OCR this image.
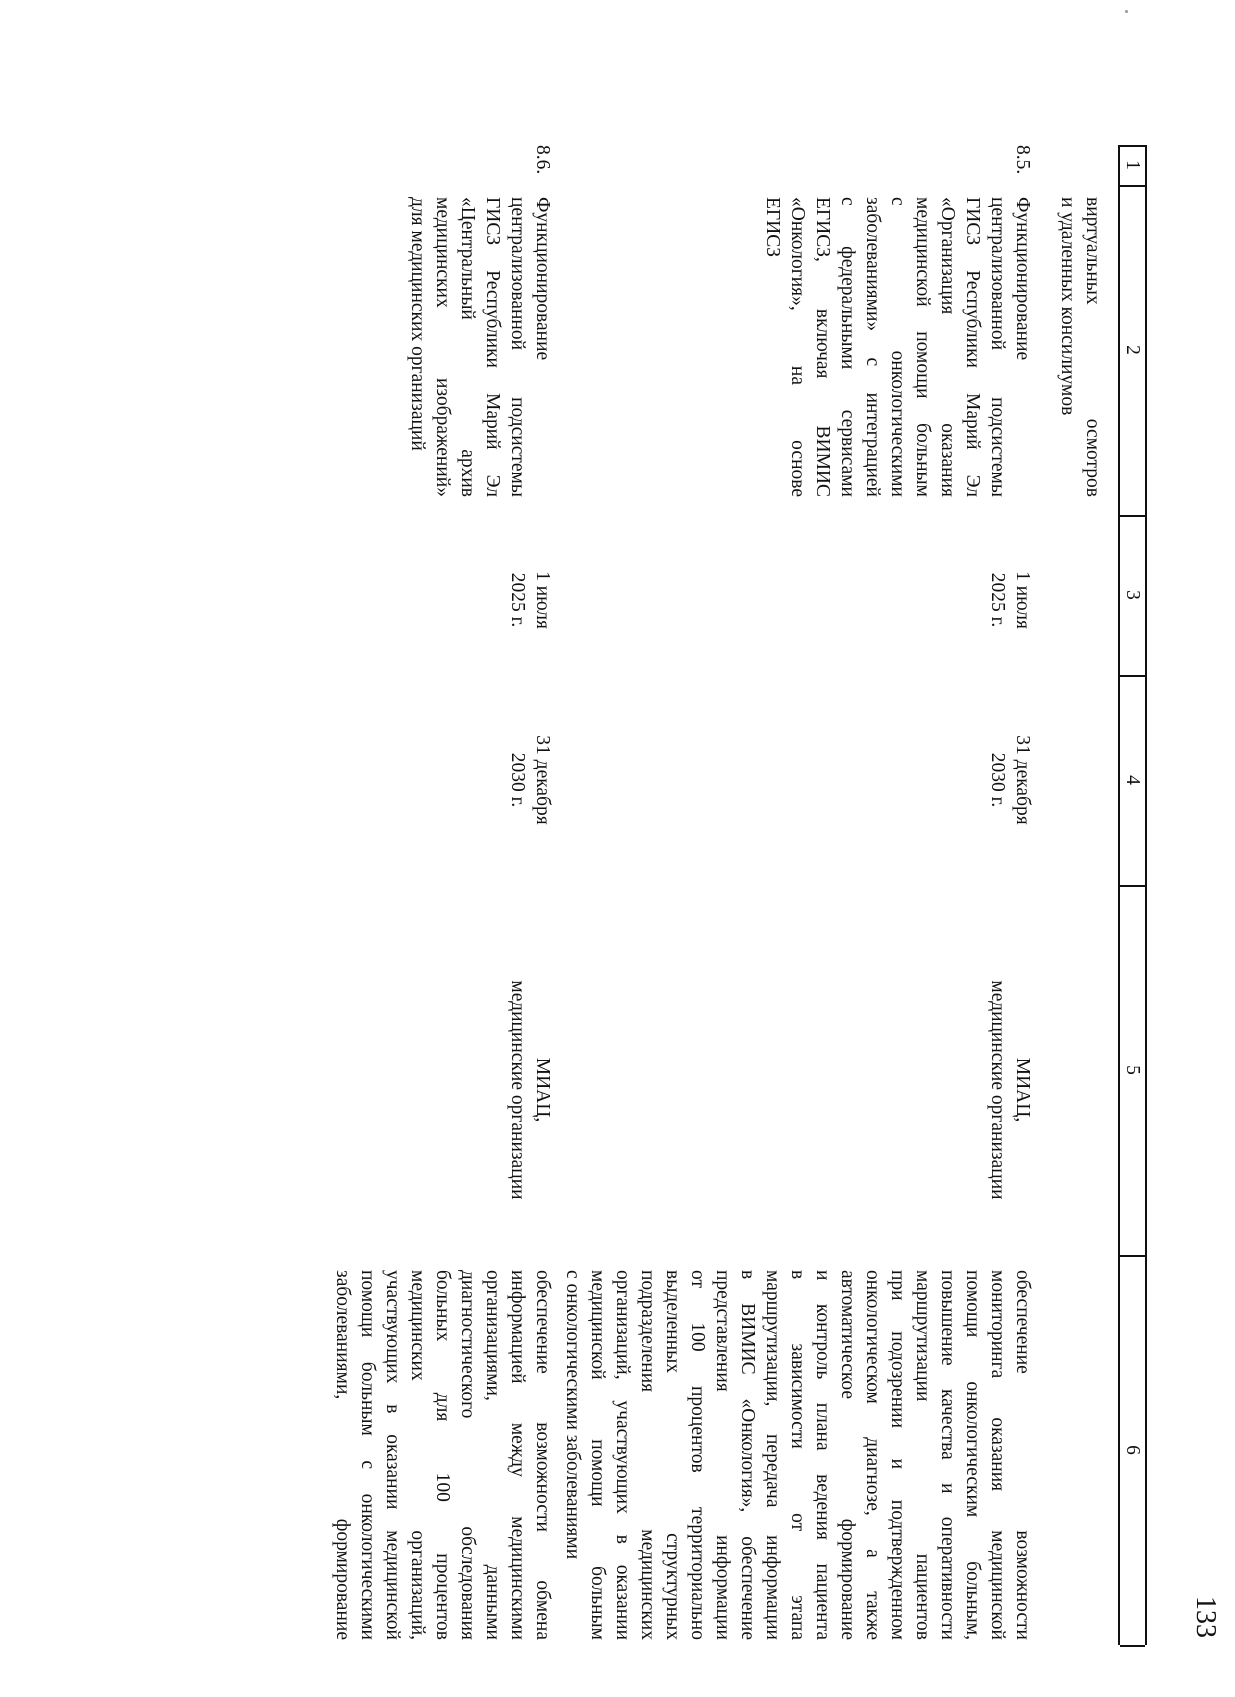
133
1
2
3
4
5
6
виртуальных осмотров
и удаленных консилиумов
8.5.
Функционирование
централизованной подсистемы
ГИСЗ Республики Марий Эл
«Организация оказания
медицинской помощи больным
с онкологическими
заболеваниями» с интеграцией
с федеральными сервисами
ЕГИСЗ, включая ВИМИС
«Онкология», на основе
ЕГИСЗ
1 июля
2025 г.
31 декабря
2030 г.
МИАЦ,
медицинские организации
обеспечение возможности
мониторинга оказания медицинской
помощи онкологическим больным,
повышение качества и оперативности
маршрутизации пациентов
при подозрении и подтвержденном
онкологическом диагнозе, а также
автоматическое формирование
и контроль плана ведения пациента
в зависимости от этапа
маршрутизации, передача информации
в ВИМИС «Онкология», обеспечение
представления информации
от 100 процентов территориально
выделенных структурных
подразделения медицинских
организаций, участвующих в оказании
медицинской помощи больным
с онкологическими заболеваниями
8.6.
Функционирование
централизованной подсистемы
ГИСЗ Республики Марий Эл
«Центральный архив
медицинских изображений»
для медицинских организаций
1 июля
2025 г.
31 декабря
2030 г.
МИАЦ,
медицинские организации
обеспечение возможности обмена
информацией между медицинскими
организациями, данными
диагностического обследования
больных для 100 процентов
медицинских организаций,
участвующих в оказании медицинской
помощи больным с онкологическими
заболеваниями, формирование
